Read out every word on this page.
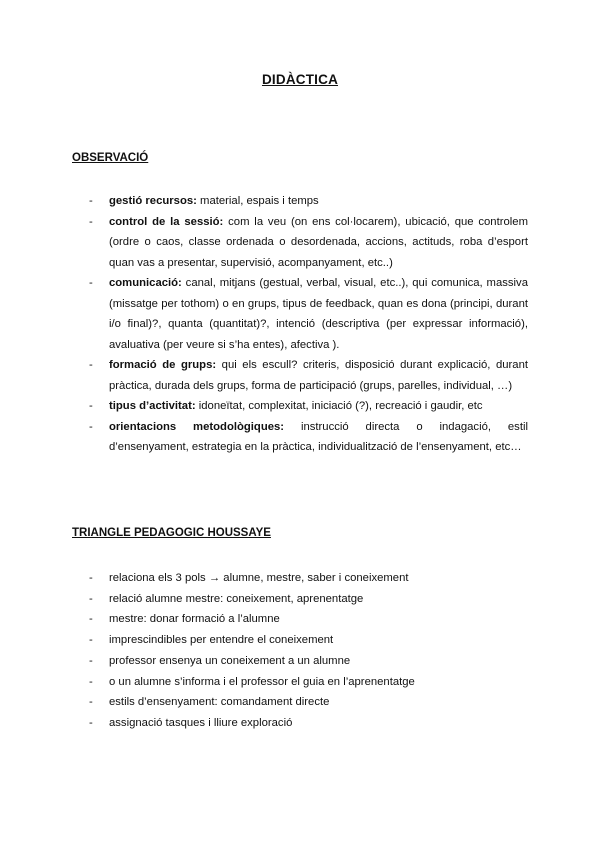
DIDÀCTICA
OBSERVACIÓ
- gestió recursos: material, espais i temps
- control de la sessió: com la veu (on ens col·locarem), ubicació, que controlem (ordre o caos, classe ordenada o desordenada, accions, actituds, roba d’esport quan vas a presentar, supervisió, acompanyament, etc..)
- comunicació: canal, mitjans (gestual, verbal, visual, etc..), qui comunica, massiva (missatge per tothom) o en grups, tipus de feedback, quan es dona (principi, durant i/o final)?, quanta (quantitat)?, intenció (descriptiva (per expressar informació), avaluativa (per veure si s’ha entes), afectiva ).
- formació de grups: qui els escull? criteris, disposició durant explicació, durant pràctica, durada dels grups, forma de participació (grups, parelles, individual, …)
- tipus d’activitat: idoneïtat, complexitat, iniciació (?), recreació i gaudir, etc
- orientacions metodològiques: instrucció directa o indagació, estil d’ensenyament, estrategia en la pràctica, individualització de l’ensenyament, etc…
TRIANGLE PEDAGOGIC HOUSSAYE
- relaciona els 3 pols → alumne, mestre, saber i coneixement
- relació alumne mestre: coneixement, aprenentatge
- mestre: donar formació a l’alumne
- imprescindibles per entendre el coneixement
- professor ensenya un coneixement a un alumne
- o un alumne s’informa i el professor el guia en l’aprenentatge
- estils d’ensenyament: comandament directe
- assignació tasques i lliure exploració
